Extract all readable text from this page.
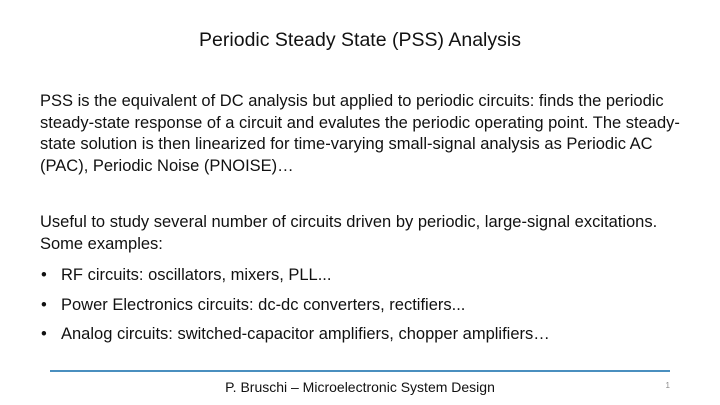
Periodic Steady State (PSS) Analysis

PSS is the equivalent of DC analysis but applied to periodic circuits: finds the periodic steady-state response of a circuit and evalutes the periodic operating point. The steady-state solution is then linearized for time-varying small-signal analysis as Periodic AC (PAC), Periodic Noise (PNOISE)…

Useful to study several number of circuits driven by periodic, large-signal excitations. Some examples:

• RF circuits: oscillators, mixers, PLL...
• Power Electronics circuits: dc-dc converters, rectifiers...
• Analog circuits: switched-capacitor amplifiers, chopper amplifiers…
P. Bruschi – Microelectronic System Design	1
